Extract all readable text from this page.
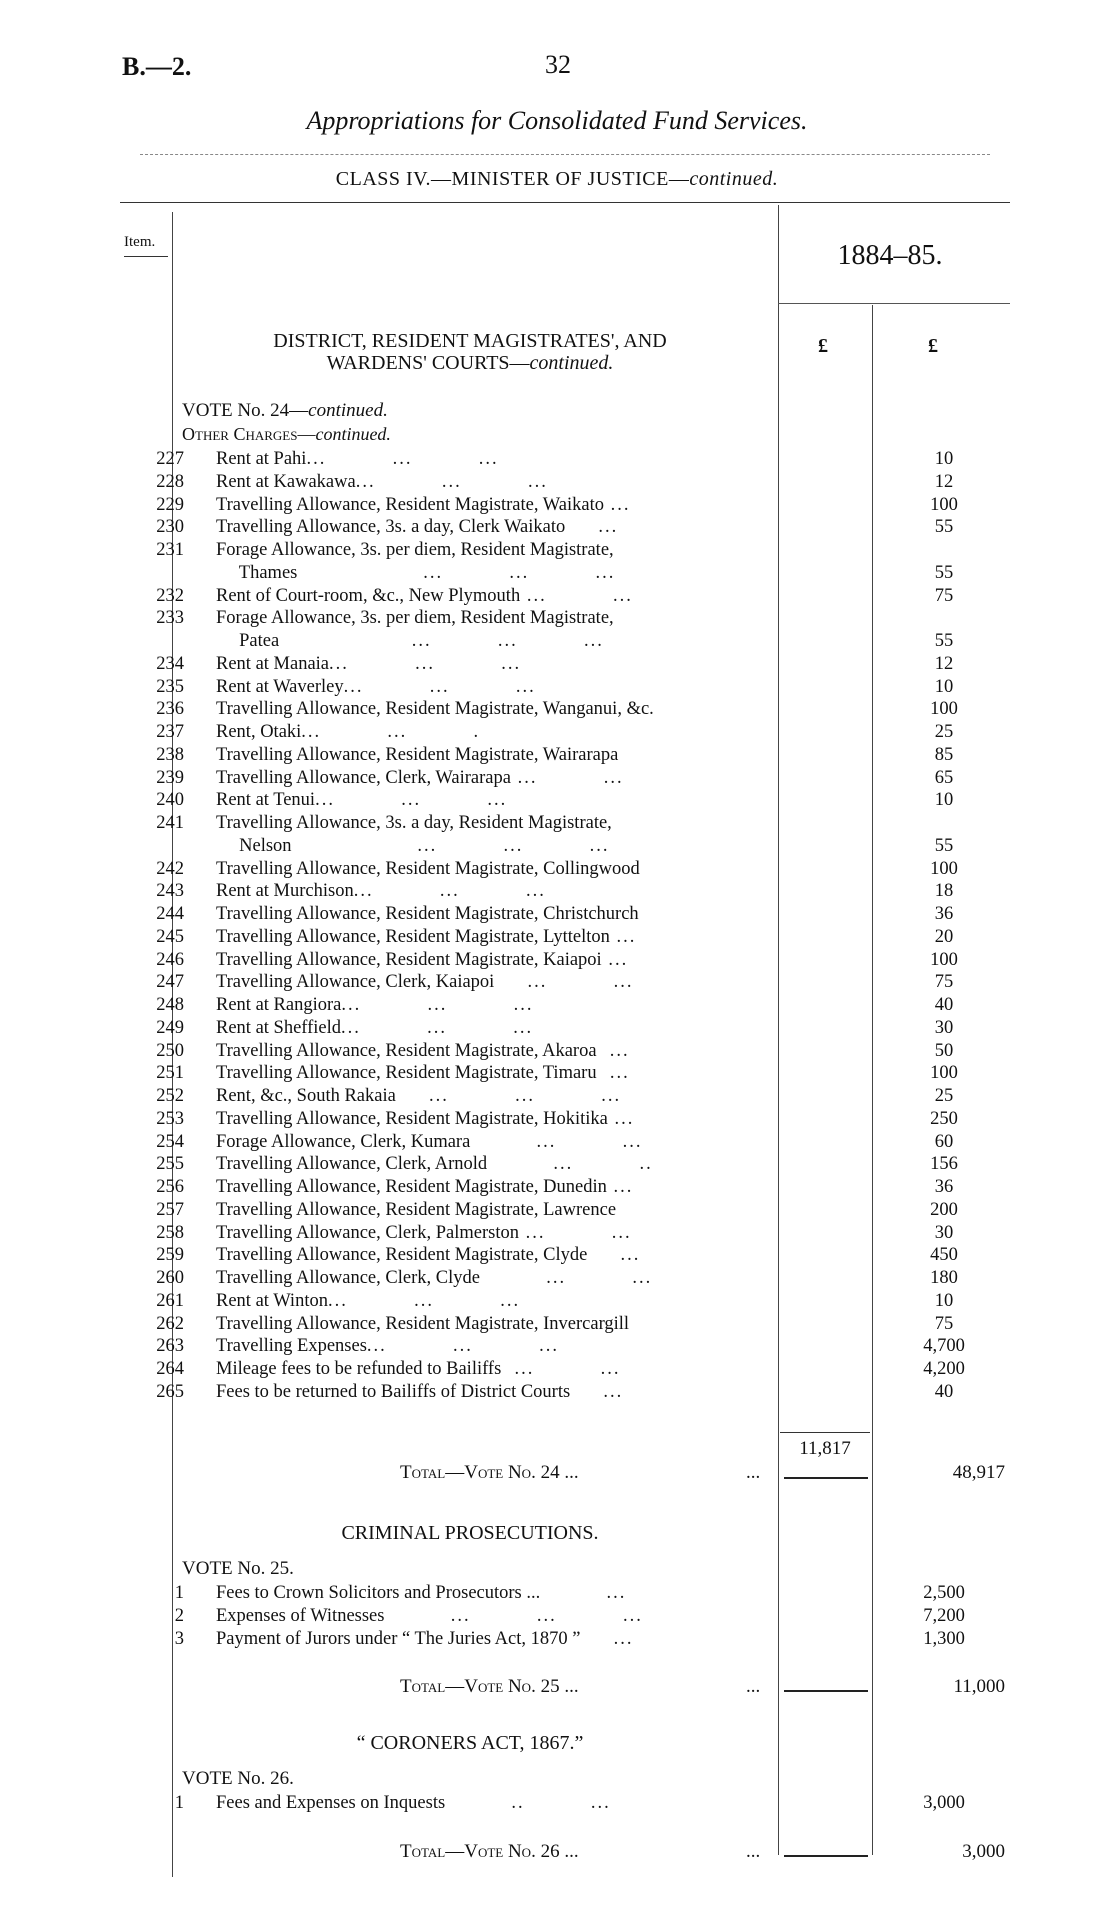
B.—2.	32
Appropriations for Consolidated Fund Services.
CLASS IV.—MINISTER OF JUSTICE—continued.
Item.	1884–85.
£	£
DISTRICT, RESIDENT MAGISTRATES', AND
WARDENS' COURTS—continued.
VOTE No. 24—continued.
Other Charges—continued.
227 Rent at Pahi...          ...          ...	10
228 Rent at Kawakawa...          ...          ...	12
229 Travelling Allowance, Resident Magistrate, Waikato ...	100
230 Travelling Allowance, 3s. a day, Clerk Waikato     ...	55
231 Forage Allowance, 3s. per diem, Resident Magistrate,
Thames                   ...          ...          ...	55
232 Rent of Court-room, &c., New Plymouth ...          ...	75
233 Forage Allowance, 3s. per diem, Resident Magistrate,
Patea                    ...          ...          ...	55
234 Rent at Manaia...          ...          ...	12
235 Rent at Waverley...          ...          ...	10
236 Travelling Allowance, Resident Magistrate, Wanganui, &c.	100
237 Rent, Otaki...          ...          .	25
238 Travelling Allowance, Resident Magistrate, Wairarapa	85
239 Travelling Allowance, Clerk, Wairarapa ...          ...	65
240 Rent at Tenui...          ...          ...	10
241 Travelling Allowance, 3s. a day, Resident Magistrate,
Nelson                   ...          ...          ...	55
242 Travelling Allowance, Resident Magistrate, Collingwood	100
243 Rent at Murchison...          ...          ...	18
244 Travelling Allowance, Resident Magistrate, Christchurch	36
245 Travelling Allowance, Resident Magistrate, Lyttelton ...	20
246 Travelling Allowance, Resident Magistrate, Kaiapoi ...	100
247 Travelling Allowance, Clerk, Kaiapoi     ...          ...	75
248 Rent at Rangiora...          ...          ...	40
249 Rent at Sheffield...          ...          ...	30
250 Travelling Allowance, Resident Magistrate, Akaroa  ...	50
251 Travelling Allowance, Resident Magistrate, Timaru  ...	100
252 Rent, &c., South Rakaia     ...          ...          ...	25
253 Travelling Allowance, Resident Magistrate, Hokitika ...	250
254 Forage Allowance, Clerk, Kumara          ...          ...	60
255 Travelling Allowance, Clerk, Arnold          ...          ..	156
256 Travelling Allowance, Resident Magistrate, Dunedin ...	36
257 Travelling Allowance, Resident Magistrate, Lawrence	200
258 Travelling Allowance, Clerk, Palmerston ...          ...	30
259 Travelling Allowance, Resident Magistrate, Clyde     ...	450
260 Travelling Allowance, Clerk, Clyde          ...          ...	180
261 Rent at Winton...          ...          ...	10
262 Travelling Allowance, Resident Magistrate, Invercargill	75
263 Travelling Expenses...          ...          ...	4,700
264 Mileage fees to be refunded to Bailiffs  ...          ...	4,200
265 Fees to be returned to Bailiffs of District Courts     ...	40
11,817
Total—Vote No. 24 ...	...	48,917
CRIMINAL PROSECUTIONS.
VOTE No. 25.
1 Fees to Crown Solicitors and Prosecutors ...          ...	2,500
2 Expenses of Witnesses          ...          ...          ...	7,200
3 Payment of Jurors under “ The Juries Act, 1870 ”     ...	1,300
Total—Vote No. 25 ...	...	11,000
“ CORONERS ACT, 1867.”
VOTE No. 26.
1 Fees and Expenses on Inquests          ..          ...	3,000
Total—Vote No. 26 ...	...	3,000
